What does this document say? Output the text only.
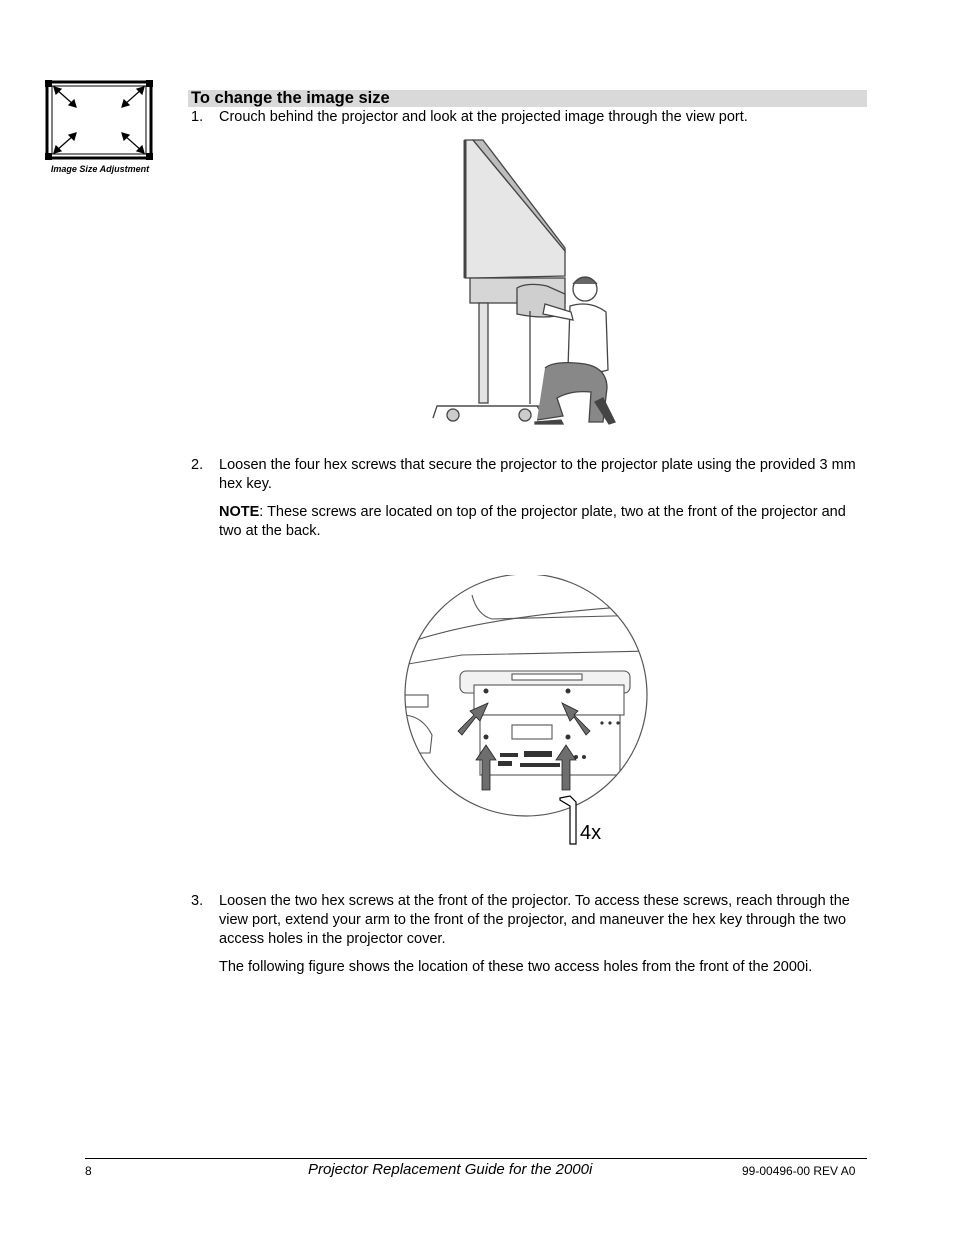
Image Size Adjustment
To change the image size
1. Crouch behind the projector and look at the projected image through the view port.

2. Loosen the four hex screws that secure the projector to the projector plate using the provided 3 mm hex key.

NOTE: These screws are located on top of the projector plate, two at the front of the projector and two at the back.

4x
3. Loosen the two hex screws at the front of the projector. To access these screws, reach through the view port, extend your arm to the front of the projector, and maneuver the hex key through the two access holes in the projector cover.

The following figure shows the location of these two access holes from the front of the 2000i.

8	Projector Replacement Guide for the 2000i	99-00496-00 REV A0
